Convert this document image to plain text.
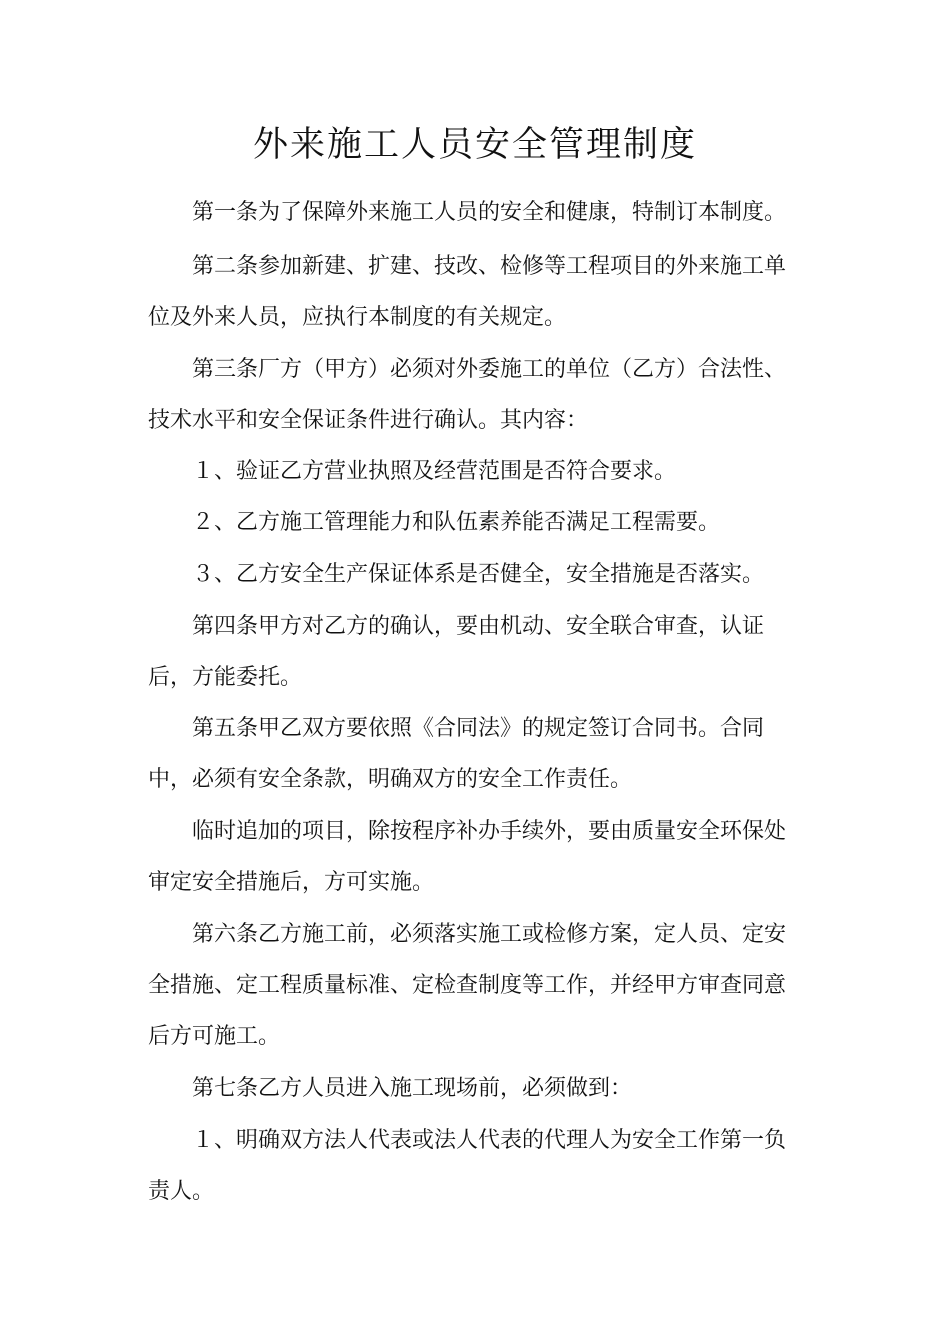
外来施工人员安全管理制度
第一条为了保障外来施工人员的安全和健康，特制订本制度。
第二条参加新建、扩建、技改、检修等工程项目的外来施工单
位及外来人员，应执行本制度的有关规定。
第三条厂方（甲方）必须对外委施工的单位（乙方）合法性、
技术水平和安全保证条件进行确认。其内容：
１、验证乙方营业执照及经营范围是否符合要求。
２、乙方施工管理能力和队伍素养能否满足工程需要。
３、乙方安全生产保证体系是否健全，安全措施是否落实。
第四条甲方对乙方的确认，要由机动、安全联合审查，认证
后，方能委托。
第五条甲乙双方要依照《合同法》的规定签订合同书。合同
中，必须有安全条款，明确双方的安全工作责任。
临时追加的项目，除按程序补办手续外，要由质量安全环保处
审定安全措施后，方可实施。
第六条乙方施工前，必须落实施工或检修方案，定人员、定安
全措施、定工程质量标准、定检查制度等工作，并经甲方审查同意
后方可施工。
第七条乙方人员进入施工现场前，必须做到：
１、明确双方法人代表或法人代表的代理人为安全工作第一负
责人。
